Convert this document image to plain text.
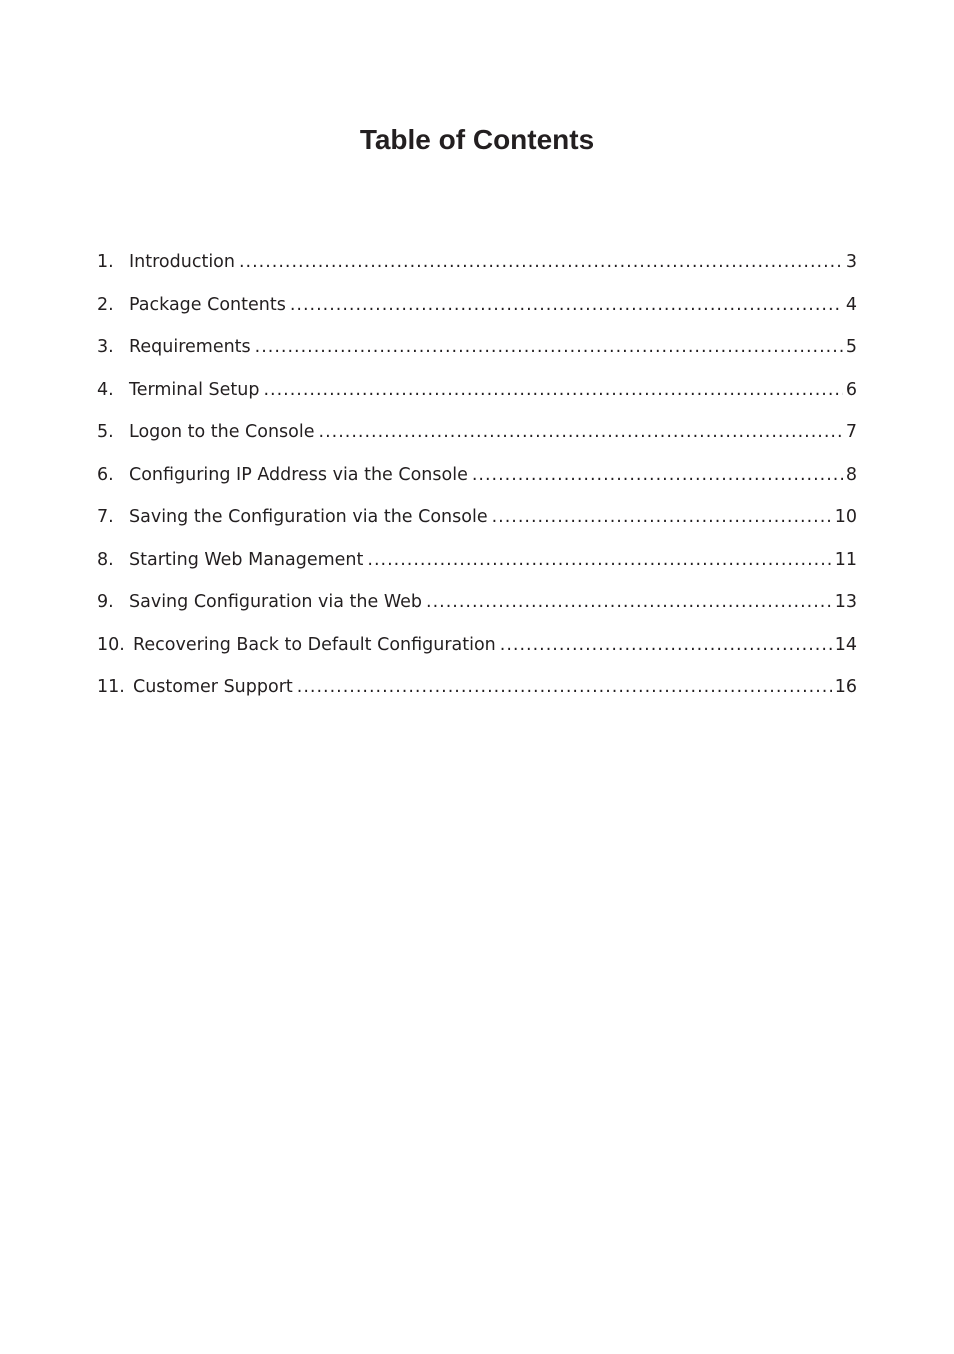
Table of Contents
1. Introduction .....	3
2. Package Contents .....	4
3. Requirements .....	5
4. Terminal Setup .....	6
5. Logon to the Console .....	7
6. Configuring IP Address via the Console .....	8
7. Saving the Configuration via the Console .....	10
8. Starting Web Management .....	11
9. Saving Configuration via the Web .....	13
10. Recovering Back to Default Configuration .....	14
11. Customer Support .....	16
